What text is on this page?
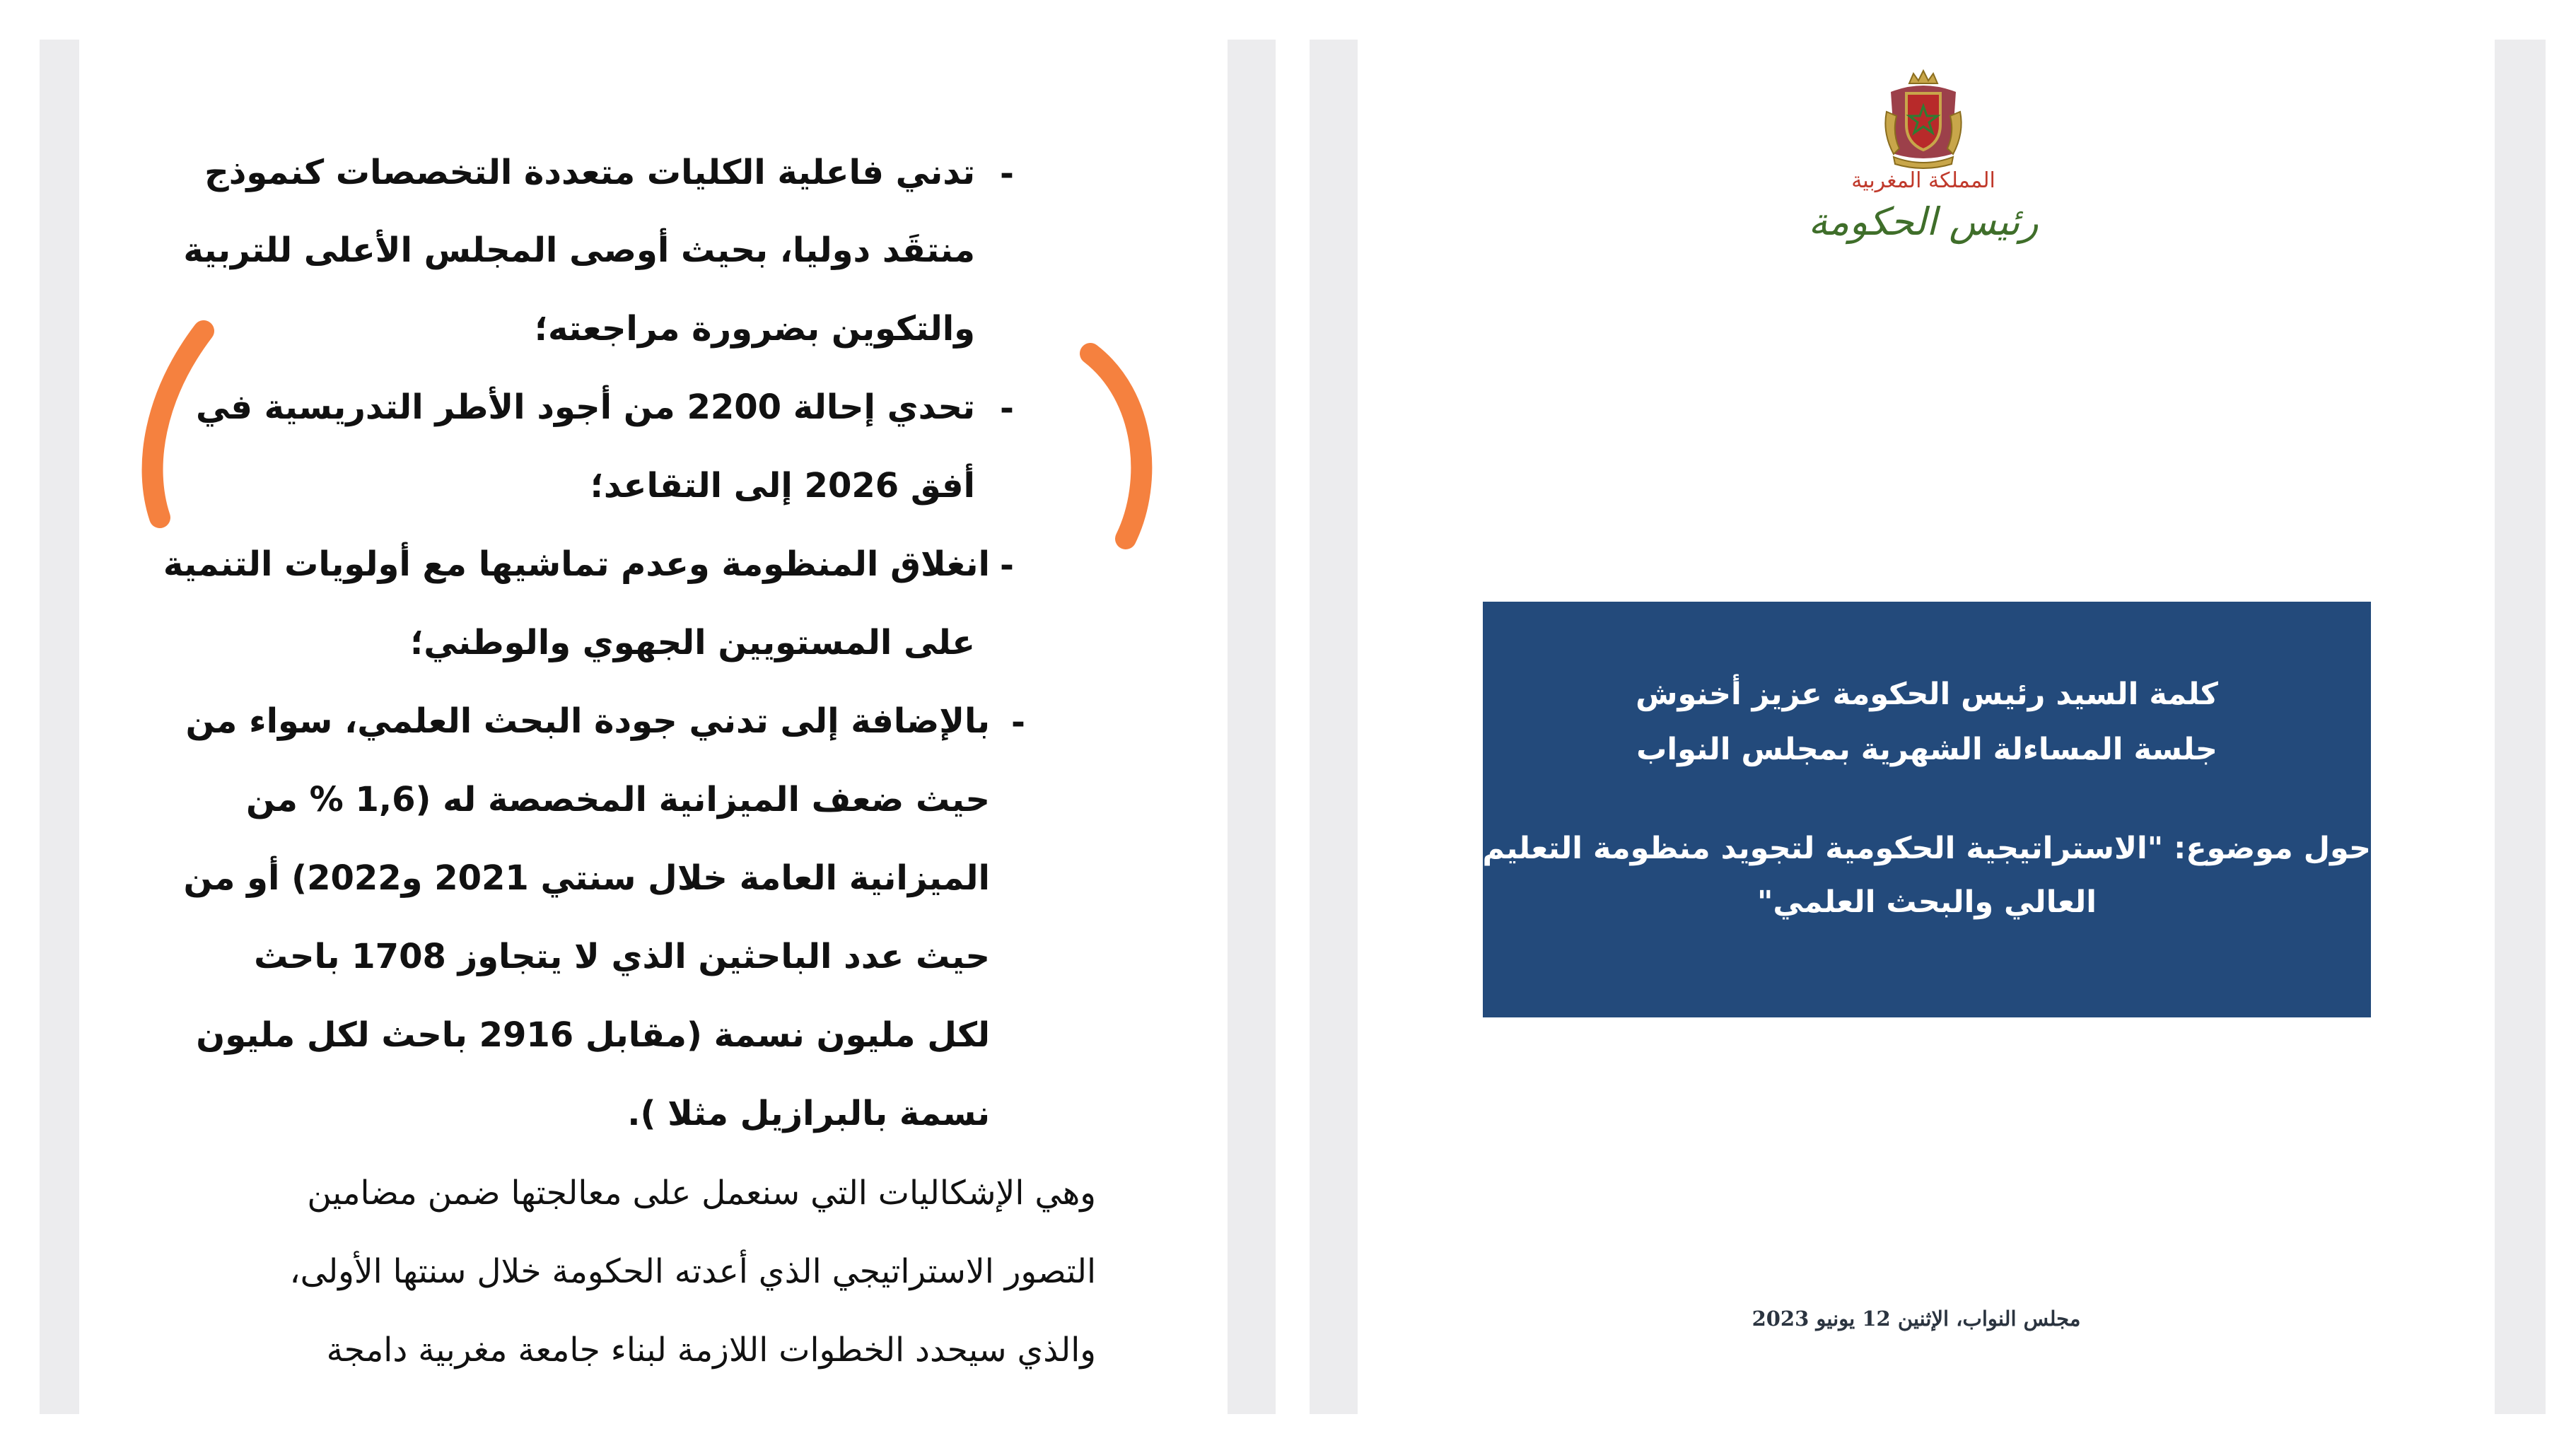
-
-
-
-

تدني فاعلية الكليات متعددة التخصصات كنموذج

منتقَد دوليا، بحيث أوصى المجلس الأعلى للتربية

والتكوين بضرورة مراجعته؛

تحدي إحالة 2200 من أجود الأطر التدريسية في

أفق 2026 إلى التقاعد؛

انغلاق المنظومة وعدم تماشيها مع أولويات التنمية

على المستويين الجهوي والوطني؛

بالإضافة إلى تدني جودة البحث العلمي، سواء من

حيث ضعف الميزانية المخصصة له (1,6 % من

الميزانية العامة خلال سنتي 2021 و2022) أو من

حيث عدد الباحثين الذي لا يتجاوز 1708 باحث

لكل مليون نسمة (مقابل 2916 باحث لكل مليون

نسمة بالبرازيل مثلا ).

وهي الإشكاليات التي سنعمل على معالجتها ضمن مضامين

التصور الاستراتيجي الذي أعدته الحكومة خلال سنتها الأولى،

والذي سيحدد الخطوات اللازمة لبناء جامعة مغربية دامجة

المملكة المغربية
رئيس الحكومة
كلمة السيد رئيس الحكومة عزيز أخنوش
جلسة المساءلة الشهرية بمجلس النواب
حول موضوع: "الاستراتيجية الحكومية لتجويد منظومة التعليم
العالي والبحث العلمي"
مجلس النواب، الإثنين 12 يونيو 2023
